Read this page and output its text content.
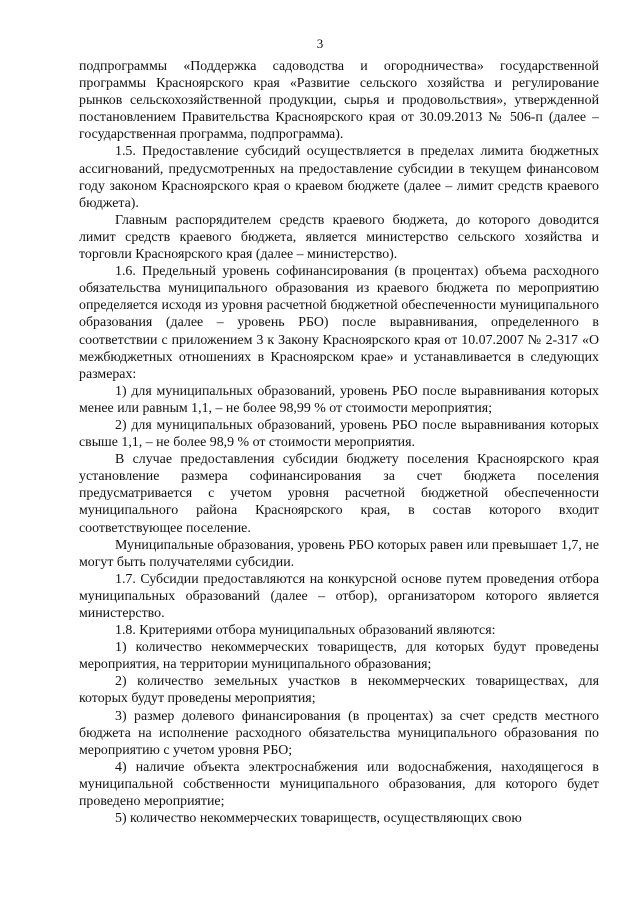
3

подпрограммы «Поддержка садоводства и огородничества» государственной программы Красноярского края «Развитие сельского хозяйства и регулирование рынков сельскохозяйственной продукции, сырья и продовольствия», утвержденной постановлением Правительства Красноярского края от 30.09.2013 № 506-п (далее – государственная программа, подпрограмма).

1.5. Предоставление субсидий осуществляется в пределах лимита бюджетных ассигнований, предусмотренных на предоставление субсидии в текущем финансовом году законом Красноярского края о краевом бюджете (далее – лимит средств краевого бюджета).

Главным распорядителем средств краевого бюджета, до которого доводится лимит средств краевого бюджета, является министерство сельского хозяйства и торговли Красноярского края (далее – министерство).

1.6. Предельный уровень софинансирования (в процентах) объема расходного обязательства муниципального образования из краевого бюджета по мероприятию определяется исходя из уровня расчетной бюджетной обеспеченности муниципального образования (далее – уровень РБО) после выравнивания, определенного в соответствии с приложением 3 к Закону Красноярского края от 10.07.2007 № 2-317 «О межбюджетных отношениях в Красноярском крае» и устанавливается в следующих размерах:

1) для муниципальных образований, уровень РБО после выравнивания которых менее или равным 1,1, – не более 98,99 % от стоимости мероприятия;

2) для муниципальных образований, уровень РБО после выравнивания которых свыше 1,1, – не более 98,9 % от стоимости мероприятия.

В случае предоставления субсидии бюджету поселения Красноярского края установление размера софинансирования за счет бюджета поселения предусматривается с учетом уровня расчетной бюджетной обеспеченности муниципального района Красноярского края, в состав которого входит соответствующее поселение.

Муниципальные образования, уровень РБО которых равен или превышает 1,7, не могут быть получателями субсидии.

1.7. Субсидии предоставляются на конкурсной основе путем проведения отбора муниципальных образований (далее – отбор), организатором которого является министерство.

1.8. Критериями отбора муниципальных образований являются:

1) количество некоммерческих товариществ, для которых будут проведены мероприятия, на территории муниципального образования;

2) количество земельных участков в некоммерческих товариществах, для которых будут проведены мероприятия;

3) размер долевого финансирования (в процентах) за счет средств местного бюджета на исполнение расходного обязательства муниципального образования по мероприятию с учетом уровня РБО;

4) наличие объекта электроснабжения или водоснабжения, находящегося в муниципальной собственности муниципального образования, для которого будет проведено мероприятие;

5) количество некоммерческих товариществ, осуществляющих свою
